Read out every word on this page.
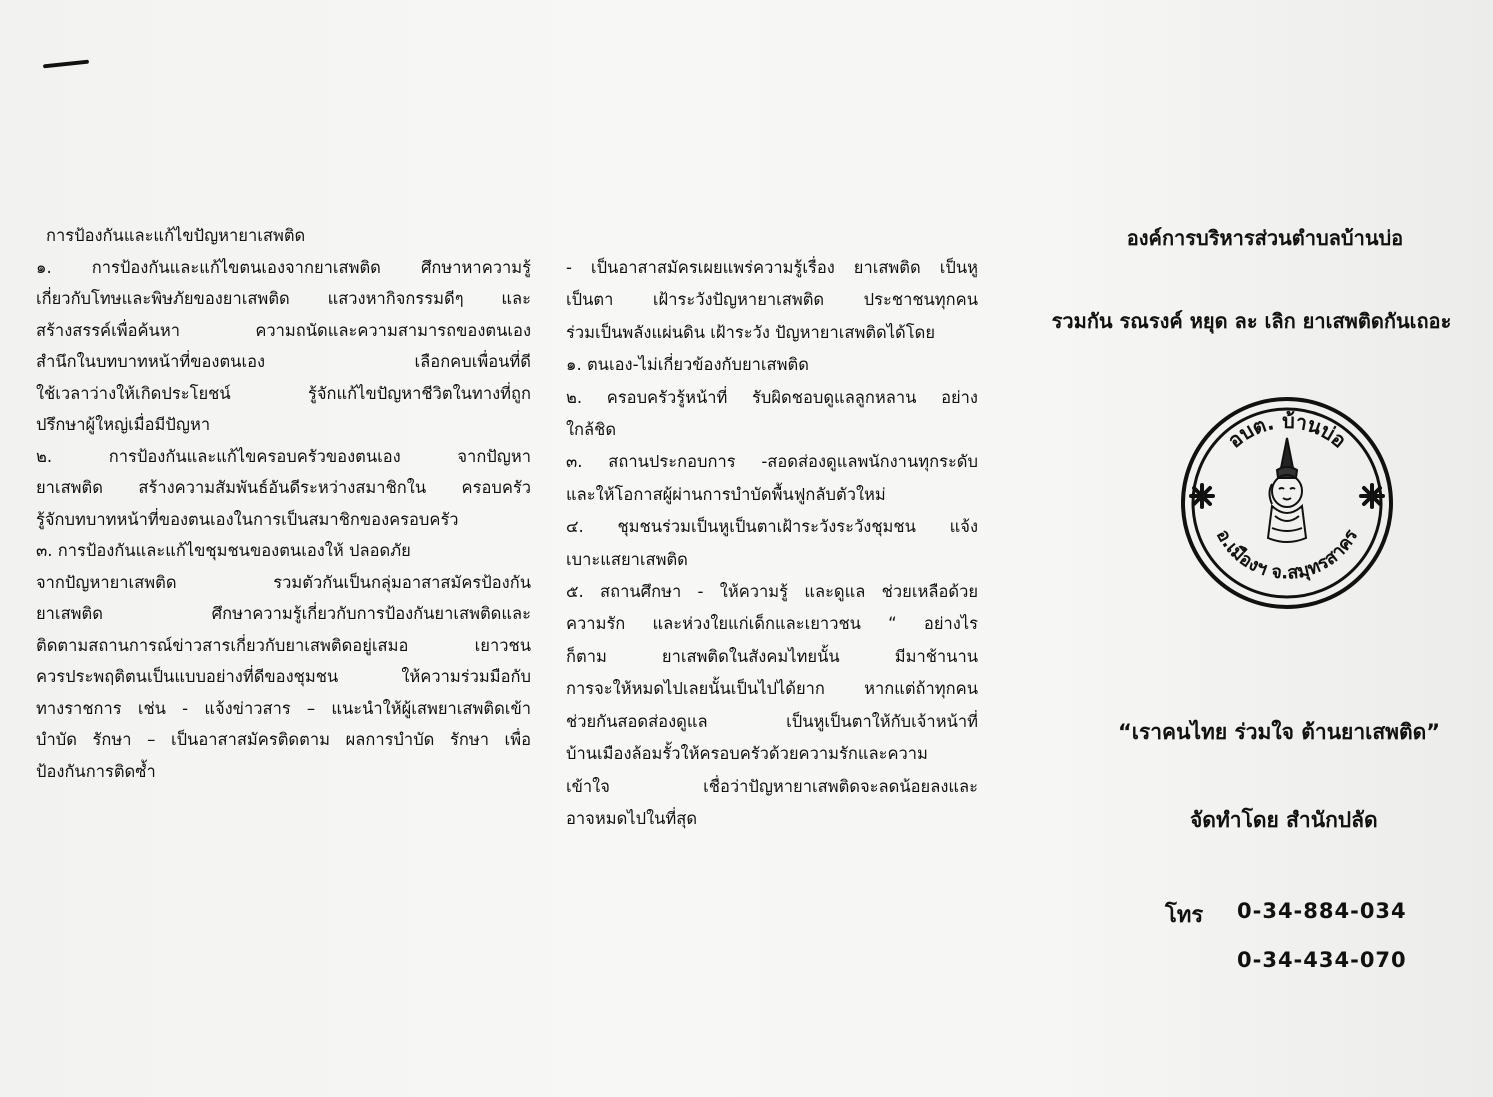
การป้องกันและแก้ไขปัญหายาเสพติด
๑. การป้องกันและแก้ไขตนเองจากยาเสพติด ศึกษาหาความรู้
เกี่ยวกับโทษและพิษภัยของยาเสพติด แสวงหากิจกรรมดีๆ และ
สร้างสรรค์เพื่อค้นหา ความถนัดและความสามารถของตนเอง
สำนึกในบทบาทหน้าที่ของตนเอง เลือกคบเพื่อนที่ดี
ใช้เวลาว่างให้เกิดประโยชน์ รู้จักแก้ไขปัญหาชีวิตในทางที่ถูก
ปรึกษาผู้ใหญ่เมื่อมีปัญหา
๒. การป้องกันและแก้ไขครอบครัวของตนเอง จากปัญหา
ยาเสพติด สร้างความสัมพันธ์อันดีระหว่างสมาชิกใน ครอบครัว
รู้จักบทบาทหน้าที่ของตนเองในการเป็นสมาชิกของครอบครัว
๓. การป้องกันและแก้ไขชุมชนของตนเองให้ ปลอดภัย
จากปัญหายาเสพติด รวมตัวกันเป็นกลุ่มอาสาสมัครป้องกัน
ยาเสพติด ศึกษาความรู้เกี่ยวกับการป้องกันยาเสพติดและ
ติดตามสถานการณ์ข่าวสารเกี่ยวกับยาเสพติดอยู่เสมอ เยาวชน
ควรประพฤติตนเป็นแบบอย่างที่ดีของชุมชน ให้ความร่วมมือกับ
ทางราชการ เช่น - แจ้งข่าวสาร – แนะนำให้ผู้เสพยาเสพติดเข้า
บำบัด รักษา – เป็นอาสาสมัครติดตาม ผลการบำบัด รักษา เพื่อ
ป้องกันการติดซ้ำ
- เป็นอาสาสมัครเผยแพร่ความรู้เรื่อง ยาเสพติด เป็นหู
เป็นตา เฝ้าระวังปัญหายาเสพติด ประชาชนทุกคน
ร่วมเป็นพลังแผ่นดิน เฝ้าระวัง ปัญหายาเสพติดได้โดย
๑. ตนเอง-ไม่เกี่ยวข้องกับยาเสพติด
๒. ครอบครัวรู้หน้าที่ รับผิดชอบดูแลลูกหลาน อย่าง
ใกล้ชิด
๓. สถานประกอบการ -สอดส่องดูแลพนักงานทุกระดับ
และให้โอกาสผู้ผ่านการบำบัดพื้นฟูกลับตัวใหม่
๔. ชุมชนร่วมเป็นหูเป็นตาเฝ้าระวังระวังชุมชน แจ้ง
เบาะแสยาเสพติด
๕. สถานศึกษา - ให้ความรู้ และดูแล ช่วยเหลือด้วย
ความรัก และห่วงใยแก่เด็กและเยาวชน “ อย่างไร
ก็ตาม ยาเสพติดในสังคมไทยนั้น มีมาช้านาน
การจะให้หมดไปเลยนั้นเป็นไปได้ยาก หากแต่ถ้าทุกคน
ช่วยกันสอดส่องดูแล เป็นหูเป็นตาให้กับเจ้าหน้าที่
บ้านเมืองล้อมรั้วให้ครอบครัวด้วยความรักและความ
เข้าใจ เชื่อว่าปัญหายาเสพติดจะลดน้อยลงและ
อาจหมดไปในที่สุด
องค์การบริหารส่วนตำบลบ้านบ่อ
รวมกัน รณรงค์ หยุด ละ เลิก ยาเสพติดกันเถอะ
อบต. บ้านบ่อ
อ.เมืองฯ จ.สมุทรสาคร
“เราคนไทย ร่วมใจ ต้านยาเสพติด”
จัดทำโดย สำนักปลัด
โทร 0-34-884-034
0-34-434-070
